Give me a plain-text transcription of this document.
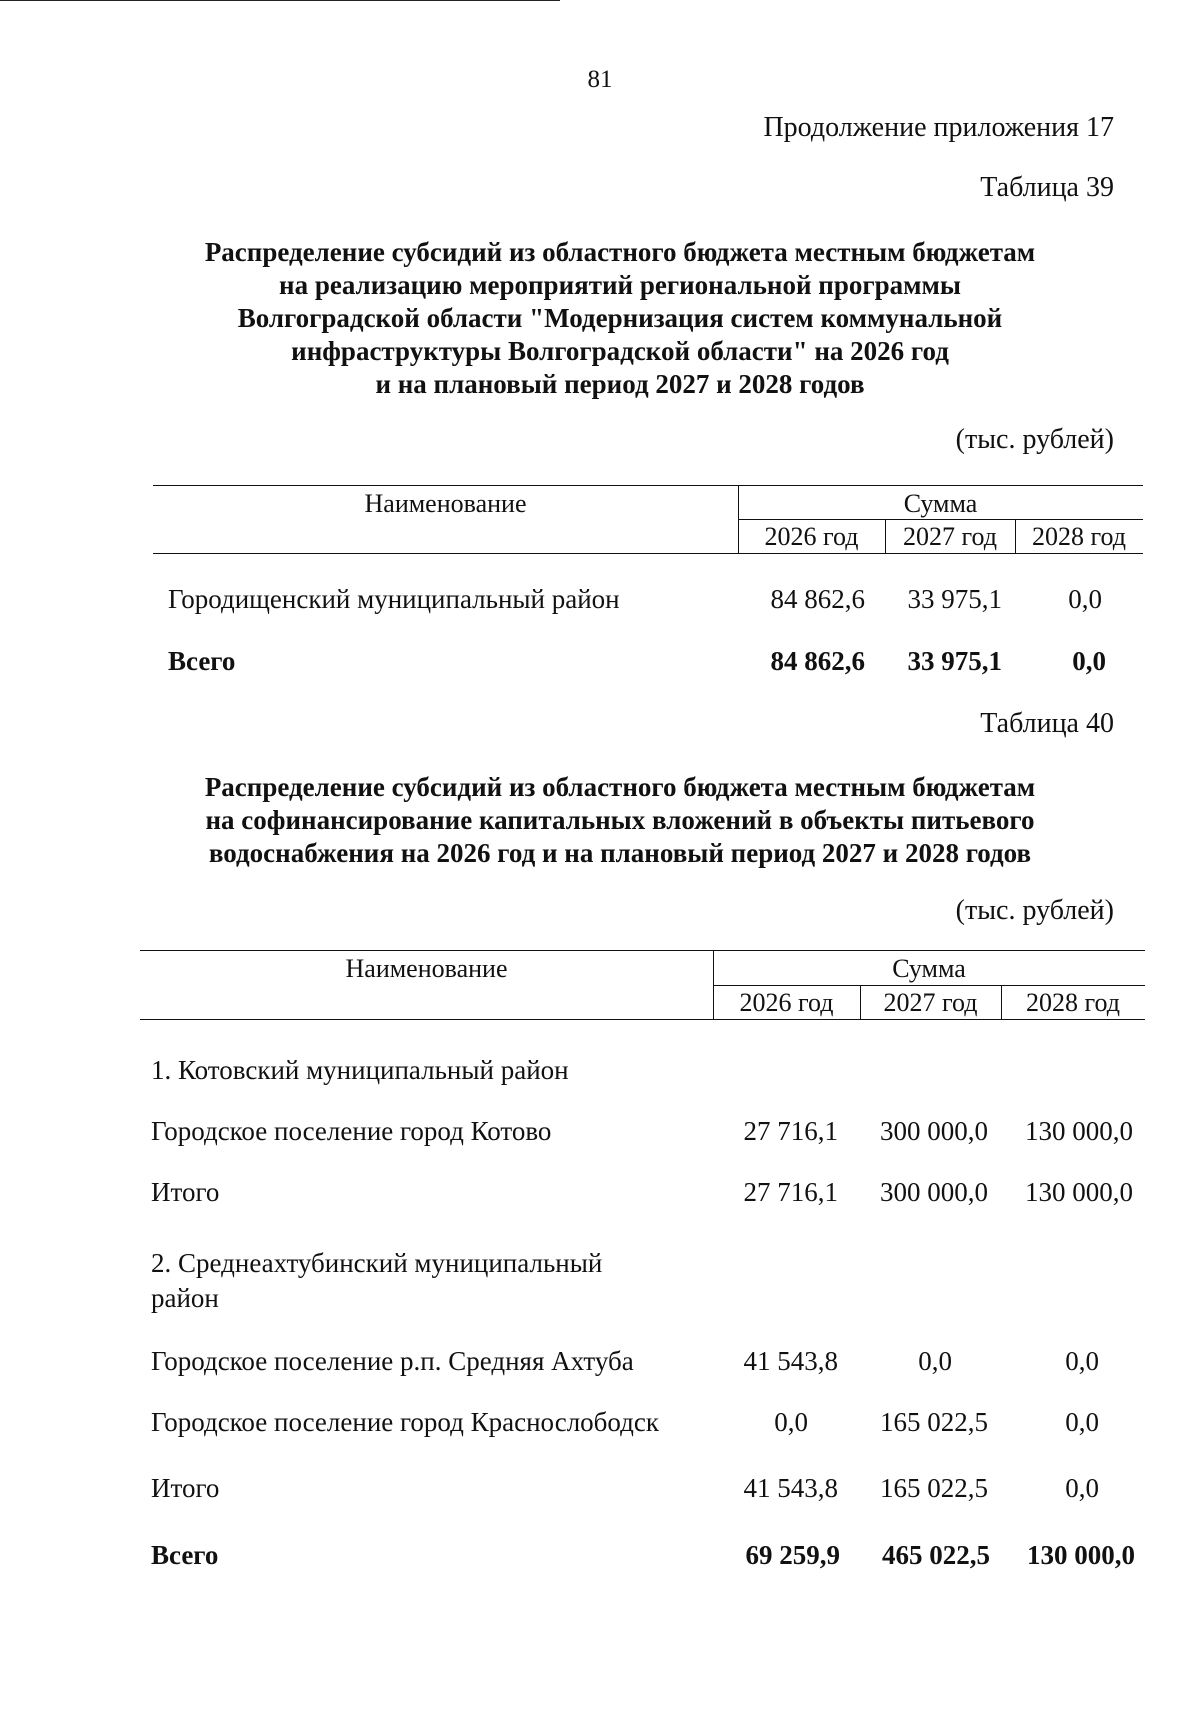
81
Продолжение приложения 17
Таблица 39
Распределение субсидий из областного бюджета местным бюджетам
на реализацию мероприятий региональной программы
Волгоградской области "Модернизация систем коммунальной
инфраструктуры Волгоградской области" на 2026 год
и на плановый период 2027 и 2028 годов
(тыс. рублей)
Наименование	Сумма
2026 год	2027 год	2028 год
Городищенский муниципальный район	84 862,6	33 975,1	0,0
Всего	84 862,6	33 975,1	0,0
Таблица 40
Распределение субсидий из областного бюджета местным бюджетам
на софинансирование капитальных вложений в объекты питьевого
водоснабжения на 2026 год и на плановый период 2027 и 2028 годов
(тыс. рублей)
Наименование	Сумма
2026 год	2027 год	2028 год
1. Котовский муниципальный район
Городское поселение город Котово	27 716,1	300 000,0	130 000,0
Итого	27 716,1	300 000,0	130 000,0
2. Среднеахтубинский муниципальный
район
Городское поселение р.п. Средняя Ахтуба	41 543,8	0,0	0,0
Городское поселение город Краснослободск	0,0	165 022,5	0,0
Итого	41 543,8	165 022,5	0,0
Всего	69 259,9	465 022,5	130 000,0
